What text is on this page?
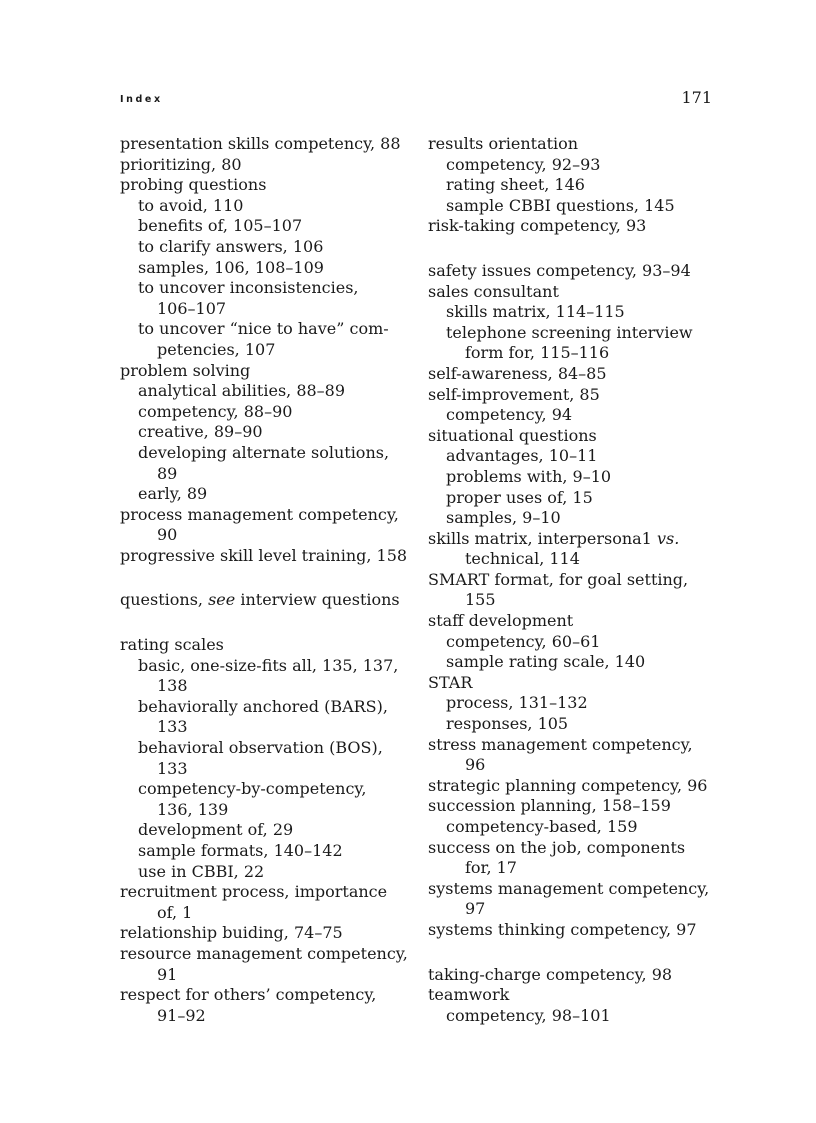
Index	171
presentation skills competency, 88
prioritizing, 80
probing questions
to avoid, 110
benefits of, 105–107
to clarify answers, 106
samples, 106, 108–109
to uncover inconsistencies,
106–107
to uncover “nice to have” com-
petencies, 107
problem solving
analytical abilities, 88–89
competency, 88–90
creative, 89–90
developing alternate solutions,
89
early, 89
process management competency,
90
progressive skill level training, 158
questions, see interview questions
rating scales
basic, one-size-fits all, 135, 137,
138
behaviorally anchored (BARS),
133
behavioral observation (BOS),
133
competency-by-competency,
136, 139
development of, 29
sample formats, 140–142
use in CBBI, 22
recruitment process, importance
of, 1
relationship buiding, 74–75
resource management competency,
91
respect for others’ competency,
91–92
results orientation
competency, 92–93
rating sheet, 146
sample CBBI questions, 145
risk-taking competency, 93
safety issues competency, 93–94
sales consultant
skills matrix, 114–115
telephone screening interview
form for, 115–116
self-awareness, 84–85
self-improvement, 85
competency, 94
situational questions
advantages, 10–11
problems with, 9–10
proper uses of, 15
samples, 9–10
skills matrix, interpersona1 vs.
technical, 114
SMART format, for goal setting,
155
staff development
competency, 60–61
sample rating scale, 140
STAR
process, 131–132
responses, 105
stress management competency,
96
strategic planning competency, 96
succession planning, 158–159
competency-based, 159
success on the job, components
for, 17
systems management competency,
97
systems thinking competency, 97
taking-charge competency, 98
teamwork
competency, 98–101
